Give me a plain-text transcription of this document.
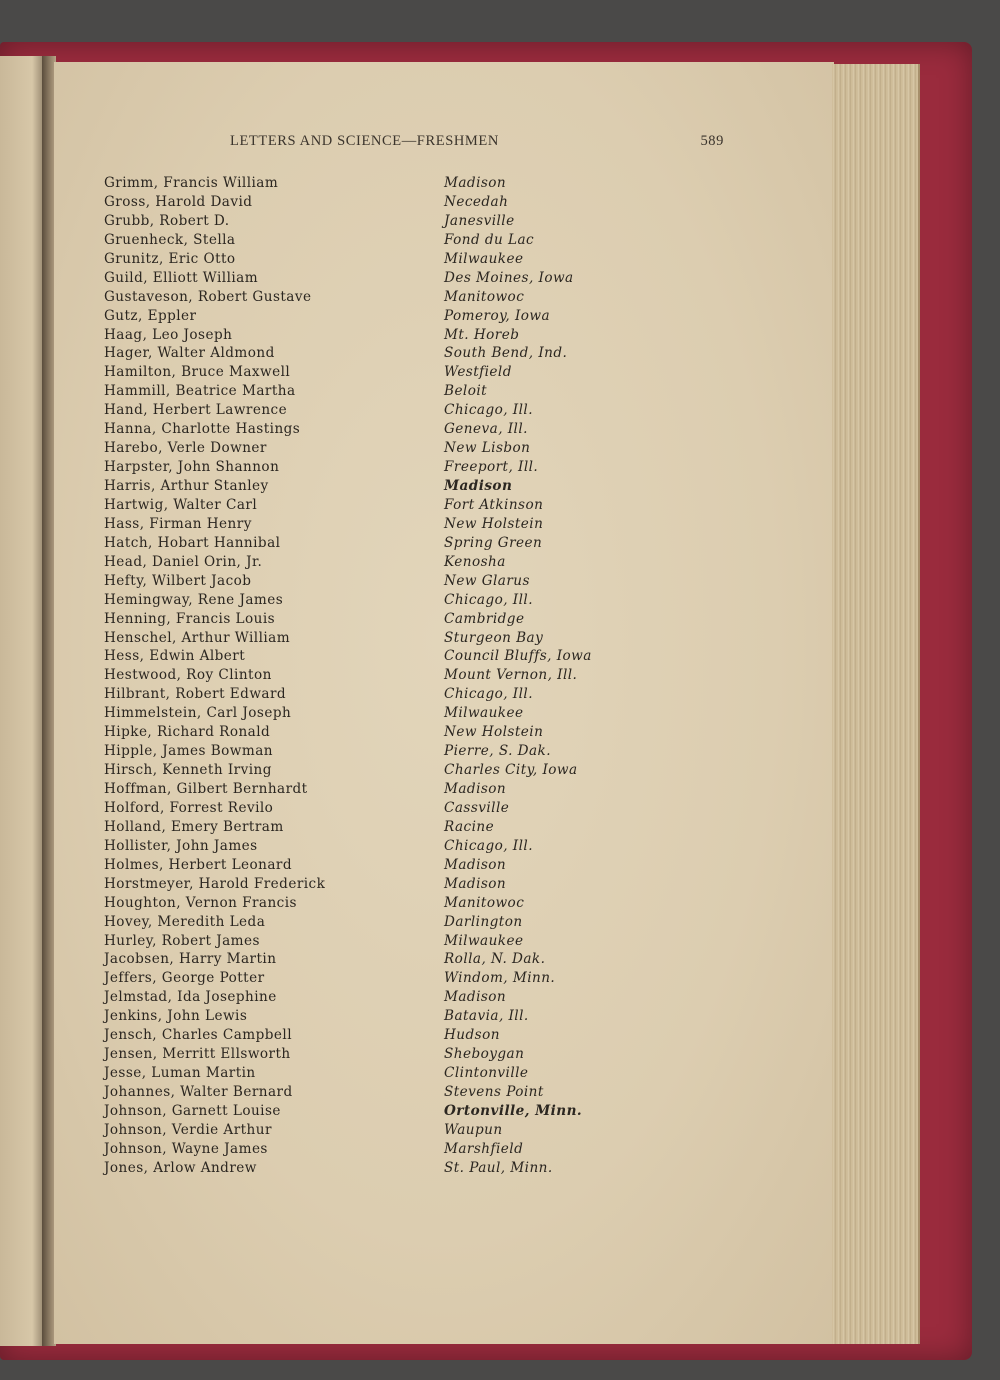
LETTERS AND SCIENCE—FRESHMEN	589
Grimm, Francis William	Madison
Gross, Harold David	Necedah
Grubb, Robert D.	Janesville
Gruenheck, Stella	Fond du Lac
Grunitz, Eric Otto	Milwaukee
Guild, Elliott William	Des Moines, Iowa
Gustaveson, Robert Gustave	Manitowoc
Gutz, Eppler	Pomeroy, Iowa
Haag, Leo Joseph	Mt. Horeb
Hager, Walter Aldmond	South Bend, Ind.
Hamilton, Bruce Maxwell	Westfield
Hammill, Beatrice Martha	Beloit
Hand, Herbert Lawrence	Chicago, Ill.
Hanna, Charlotte Hastings	Geneva, Ill.
Harebo, Verle Downer	New Lisbon
Harpster, John Shannon	Freeport, Ill.
Harris, Arthur Stanley	Madison
Hartwig, Walter Carl	Fort Atkinson
Hass, Firman Henry	New Holstein
Hatch, Hobart Hannibal	Spring Green
Head, Daniel Orin, Jr.	Kenosha
Hefty, Wilbert Jacob	New Glarus
Hemingway, Rene James	Chicago, Ill.
Henning, Francis Louis	Cambridge
Henschel, Arthur William	Sturgeon Bay
Hess, Edwin Albert	Council Bluffs, Iowa
Hestwood, Roy Clinton	Mount Vernon, Ill.
Hilbrant, Robert Edward	Chicago, Ill.
Himmelstein, Carl Joseph	Milwaukee
Hipke, Richard Ronald	New Holstein
Hipple, James Bowman	Pierre, S. Dak.
Hirsch, Kenneth Irving	Charles City, Iowa
Hoffman, Gilbert Bernhardt	Madison
Holford, Forrest Revilo	Cassville
Holland, Emery Bertram	Racine
Hollister, John James	Chicago, Ill.
Holmes, Herbert Leonard	Madison
Horstmeyer, Harold Frederick	Madison
Houghton, Vernon Francis	Manitowoc
Hovey, Meredith Leda	Darlington
Hurley, Robert James	Milwaukee
Jacobsen, Harry Martin	Rolla, N. Dak.
Jeffers, George Potter	Windom, Minn.
Jelmstad, Ida Josephine	Madison
Jenkins, John Lewis	Batavia, Ill.
Jensch, Charles Campbell	Hudson
Jensen, Merritt Ellsworth	Sheboygan
Jesse, Luman Martin	Clintonville
Johannes, Walter Bernard	Stevens Point
Johnson, Garnett Louise	Ortonville, Minn.
Johnson, Verdie Arthur	Waupun
Johnson, Wayne James	Marshfield
Jones, Arlow Andrew	St. Paul, Minn.
